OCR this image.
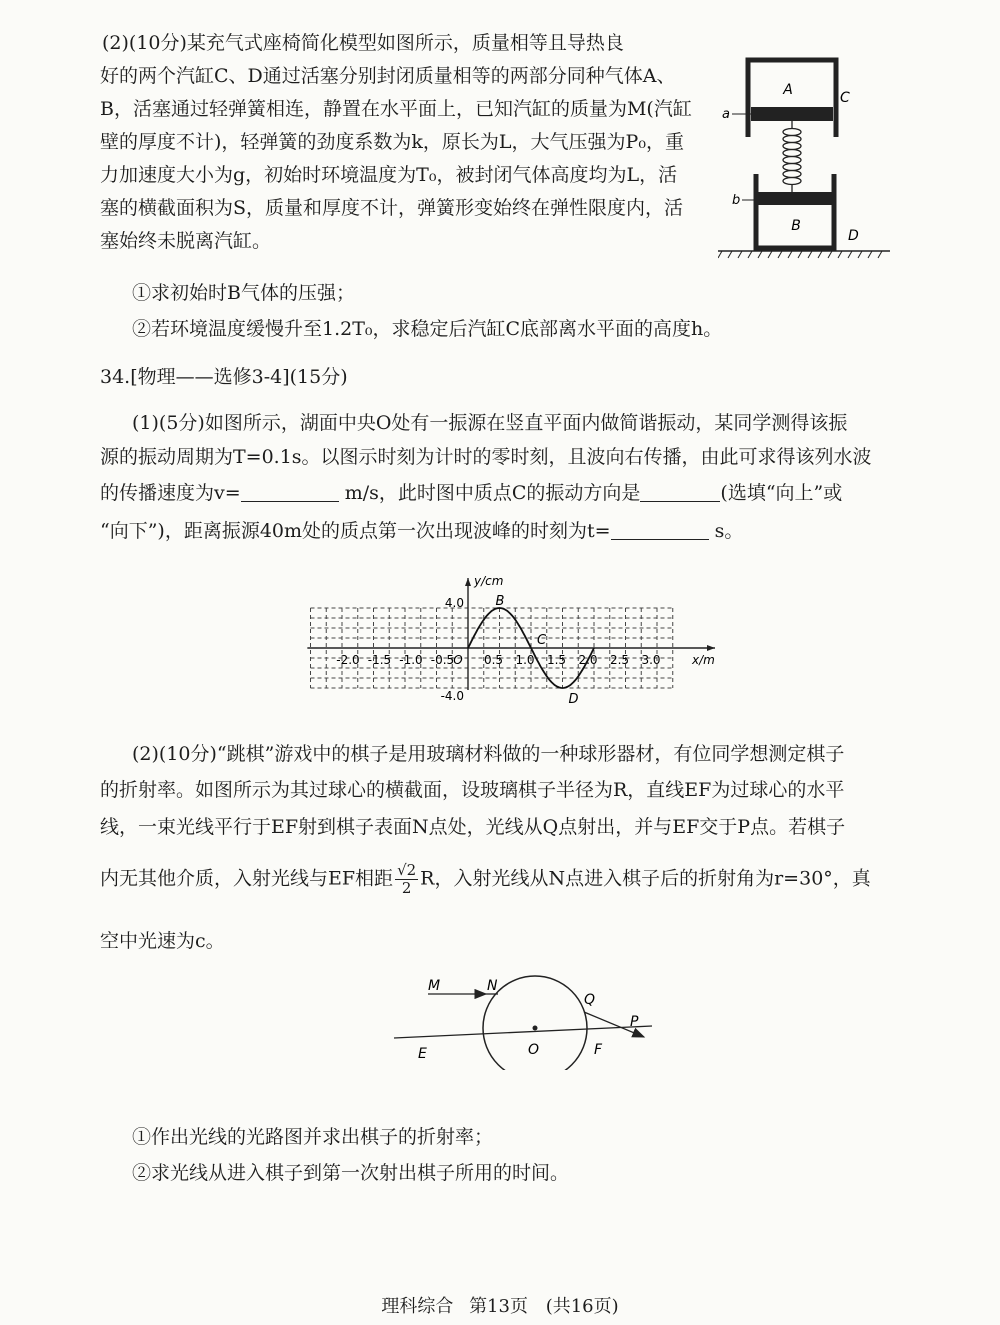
(2)(10分)某充气式座椅简化模型如图所示，质量相等且导热良
好的两个汽缸C、D通过活塞分别封闭质量相等的两部分同种气体A、
B，活塞通过轻弹簧相连，静置在水平面上，已知汽缸的质量为M(汽缸
壁的厚度不计)，轻弹簧的劲度系数为k，原长为L，大气压强为P₀，重
力加速度大小为g，初始时环境温度为T₀，被封闭气体高度均为L，活
塞的横截面积为S，质量和厚度不计，弹簧形变始终在弹性限度内，活
塞始终未脱离汽缸。
①求初始时B气体的压强；
②若环境温度缓慢升至1.2T₀，求稳定后汽缸C底部离水平面的高度h。
A	C
a
B
D
b
34.[物理——选修3-4](15分)
(1)(5分)如图所示，湖面中央O处有一振源在竖直平面内做简谐振动，某同学测得该振
源的振动周期为T=0.1s。以图示时刻为计时的零时刻，且波向右传播，由此可求得该列水波
的传播速度为v=	m/s，此时图中质点C的振动方向是	(选填“向上”或
“向下”)，距离振源40m处的质点第一次出现波峰的时刻为t=	s。
y/cm
x/m
4.0
-4.0
-2.0 -1.5 -1.0 -0.5 O 0.5 1.0 1.5 2.0 2.5 3.0
B
C
D
(2)(10分)“跳棋”游戏中的棋子是用玻璃材料做的一种球形器材，有位同学想测定棋子
的折射率。如图所示为其过球心的横截面，设玻璃棋子半径为R，直线EF为过球心的水平
线，一束光线平行于EF射到棋子表面N点处，光线从Q点射出，并与EF交于P点。若棋子
内无其他介质，入射光线与EF相距 $\frac{√2}{2}$ R，入射光线从N点进入棋子后的折射角为r=30°，真
空中光速为c。
M	N
Q
P
E	O	F
①作出光线的光路图并求出棋子的折射率；
②求光线从进入棋子到第一次射出棋子所用的时间。
理科综合 第13页 (共16页)
